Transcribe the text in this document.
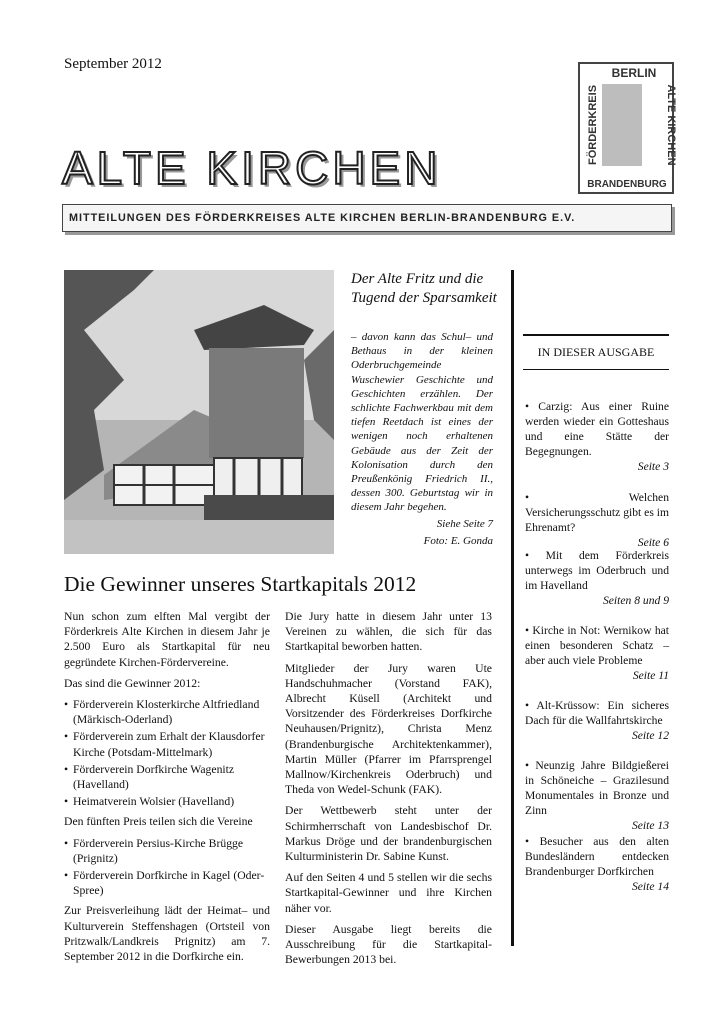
September 2012
BERLIN
FÖRDERKREIS	ALTE KIRCHEN
BRANDENBURG
ALTE KIRCHEN
MITTEILUNGEN DES FÖRDERKREISES ALTE KIRCHEN BERLIN-BRANDENBURG E.V.
Der Alte Fritz und die Tugend der Sparsamkeit
– davon kann das Schul– und Bethaus in der kleinen Oderbruchgemeinde Wuschewier Geschichte und Geschichten erzählen. Der schlichte Fachwerkbau mit dem tiefen Reetdach ist eines der wenigen noch erhaltenen Gebäude aus der Zeit der Kolonisation durch den Preußenkönig Friedrich II., dessen 300. Geburtstag wir in diesem Jahr begehen.
Siehe Seite 7
Foto: E. Gonda
IN DIESER AUSGABE
• Carzig: Aus einer Ruine werden wieder ein Gotteshaus und eine Stätte der Begegnungen.
Seite 3
• Welchen Versicherungsschutz gibt es im Ehrenamt?
Seite 6
• Mit dem Förderkreis unterwegs im Oderbruch und im Havelland
Seiten 8 und 9
• Kirche in Not: Wernikow hat einen besonderen Schatz – aber auch viele Probleme
Seite 11
• Alt-Krüssow: Ein sicheres Dach für die Wallfahrtskirche
Seite 12
• Neunzig Jahre Bildgießerei in Schöneiche – Grazilesund Monumentales in Bronze und Zinn
Seite 13
• Besucher aus den alten Bundesländern entdecken Brandenburger Dorfkirchen
Seite 14
Die Gewinner unseres Startkapitals 2012

Nun schon zum elften Mal vergibt der Förderkreis Alte Kirchen in diesem Jahr je 2.500 Euro als Startkapital für neu gegründete Kirchen-Fördervereine.

Das sind die Gewinner 2012:

• Förderverein Klosterkirche Altfriedland (Märkisch-Oderland)
• Förderverein zum Erhalt der Klausdorfer Kirche (Potsdam-Mittelmark)
• Förderverein Dorfkirche Wagenitz (Havelland)
• Heimatverein Wolsier (Havelland)

Den fünften Preis teilen sich die Vereine

• Förderverein Persius-Kirche Brügge (Prignitz)
• Förderverein Dorfkirche in Kagel (Oder-Spree)

Zur Preisverleihung lädt der Heimat– und Kulturverein Steffenshagen (Ortsteil von Pritzwalk/Landkreis Prignitz) am 7. September 2012 in die Dorfkirche ein.

Die Jury hatte in diesem Jahr unter 13 Vereinen zu wählen, die sich für das Startkapital beworben hatten.

Mitglieder der Jury waren Ute Handschuhmacher (Vorstand FAK), Albrecht Küsell (Architekt und Vorsitzender des Förderkreises Dorfkirche Neuhausen/Prignitz), Christa Menz (Brandenburgische Architektenkammer), Martin Müller (Pfarrer im Pfarrsprengel Mallnow/Kirchenkreis Oderbruch) und Theda von Wedel-Schunk (FAK).

Der Wettbewerb steht unter der Schirmherrschaft von Landesbischof Dr. Markus Dröge und der brandenburgischen Kulturministerin Dr. Sabine Kunst.

Auf den Seiten 4 und 5 stellen wir die sechs Startkapital-Gewinner und ihre Kirchen näher vor.

Dieser Ausgabe liegt bereits die Ausschreibung für die Startkapital-Bewerbungen 2013 bei.
